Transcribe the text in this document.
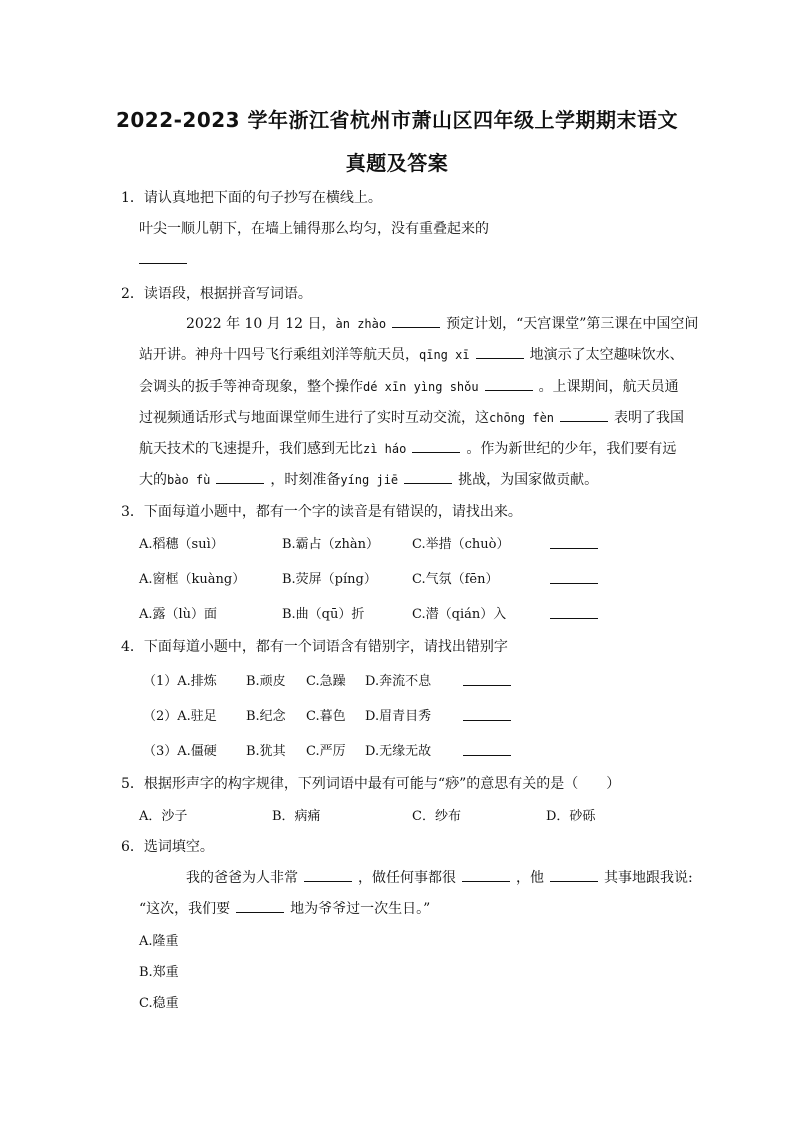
2022-2023 学年浙江省杭州市萧山区四年级上学期期末语文
真题及答案
1．请认真地把下面的句子抄写在横线上。
叶尖一顺儿朝下，在墙上铺得那么均匀，没有重叠起来的
2．读语段，根据拼音写词语。
2022 年 10 月 12 日，àn zhào	预定计划，“天宫课堂”第三课在中国空间
站开讲。神舟十四号飞行乘组刘洋等航天员，qīng xī	地演示了太空趣味饮水、
会调头的扳手等神奇现象，整个操作dé xīn yìng shǒu	。上课期间，航天员通
过视频通话形式与地面课堂师生进行了实时互动交流，这chōng fèn	表明了我国
航天技术的飞速提升，我们感到无比zì háo	。作为新世纪的少年，我们要有远
大的bào fù	，时刻准备yíng jiē	挑战，为国家做贡献。
3．下面每道小题中，都有一个字的读音是有错误的，请找出来。
A.稻穗（suì）	B.霸占（zhàn）	C.举措（chuò）
A.窗框（kuàng）	B.荧屏（píng）	C.气氛（fēn）
A.露（lù）面	B.曲（qū）折	C.潜（qián）入
4．下面每道小题中，都有一个词语含有错别字，请找出错别字
（1）A.排炼 B.顽皮 C.急躁 D.奔流不息
（2）A.驻足 B.纪念 C.暮色 D.眉青目秀
（3）A.僵硬 B.犹其 C.严厉 D.无缘无故
5．根据形声字的构字规律，下列词语中最有可能与“痧”的意思有关的是（　　）
A．沙子	B．病痛	C．纱布	D．砂砾
6．选词填空。
我的爸爸为人非常	，做任何事都很	，他	其事地跟我说:
“这次，我们要	地为爷爷过一次生日。”
A.隆重
B.郑重
C.稳重
